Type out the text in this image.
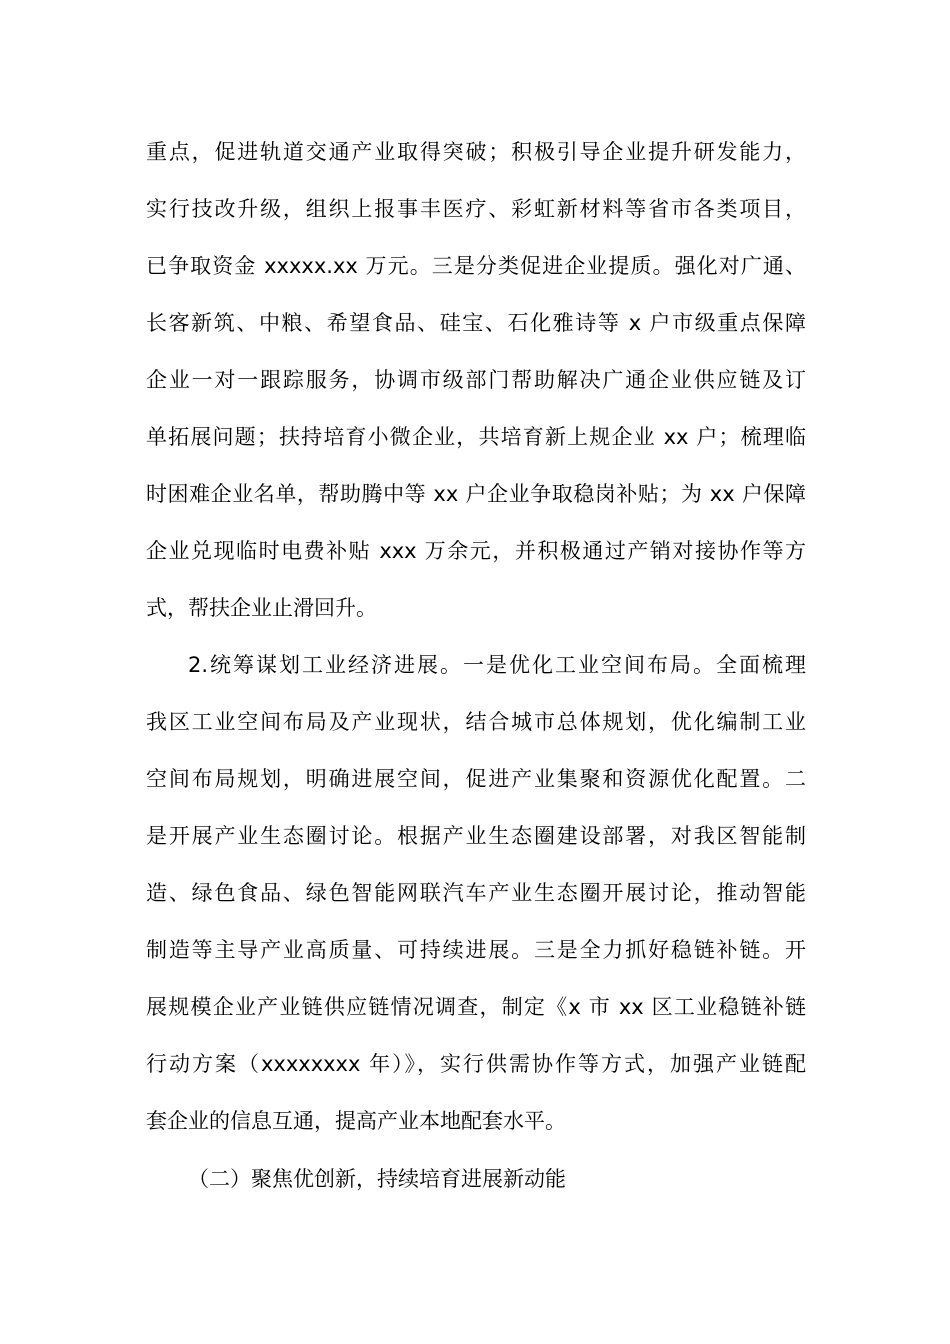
重点，促进轨道交通产业取得突破；积极引导企业提升研发能力，
实行技改升级，组织上报事丰医疗、彩虹新材料等省市各类项目，
已争取资金 xxxxx.xx 万元。三是分类促进企业提质。强化对广通、
长客新筑、中粮、希望食品、硅宝、石化雅诗等 x 户市级重点保障
企业一对一跟踪服务，协调市级部门帮助解决广通企业供应链及订
单拓展问题；扶持培育小微企业，共培育新上规企业 xx 户；梳理临
时困难企业名单，帮助腾中等 xx 户企业争取稳岗补贴；为 xx 户保障
企业兑现临时电费补贴 xxx 万余元，并积极通过产销对接协作等方
式，帮扶企业止滑回升。
2.统筹谋划工业经济进展。一是优化工业空间布局。全面梳理
我区工业空间布局及产业现状，结合城市总体规划，优化编制工业
空间布局规划，明确进展空间，促进产业集聚和资源优化配置。二
是开展产业生态圈讨论。根据产业生态圈建设部署，对我区智能制
造、绿色食品、绿色智能网联汽车产业生态圈开展讨论，推动智能
制造等主导产业高质量、可持续进展。三是全力抓好稳链补链。开
展规模企业产业链供应链情况调查，制定《x 市 xx 区工业稳链补链
行动方案（xxxxxxxx 年）》，实行供需协作等方式，加强产业链配
套企业的信息互通，提高产业本地配套水平。
（二）聚焦优创新，持续培育进展新动能
